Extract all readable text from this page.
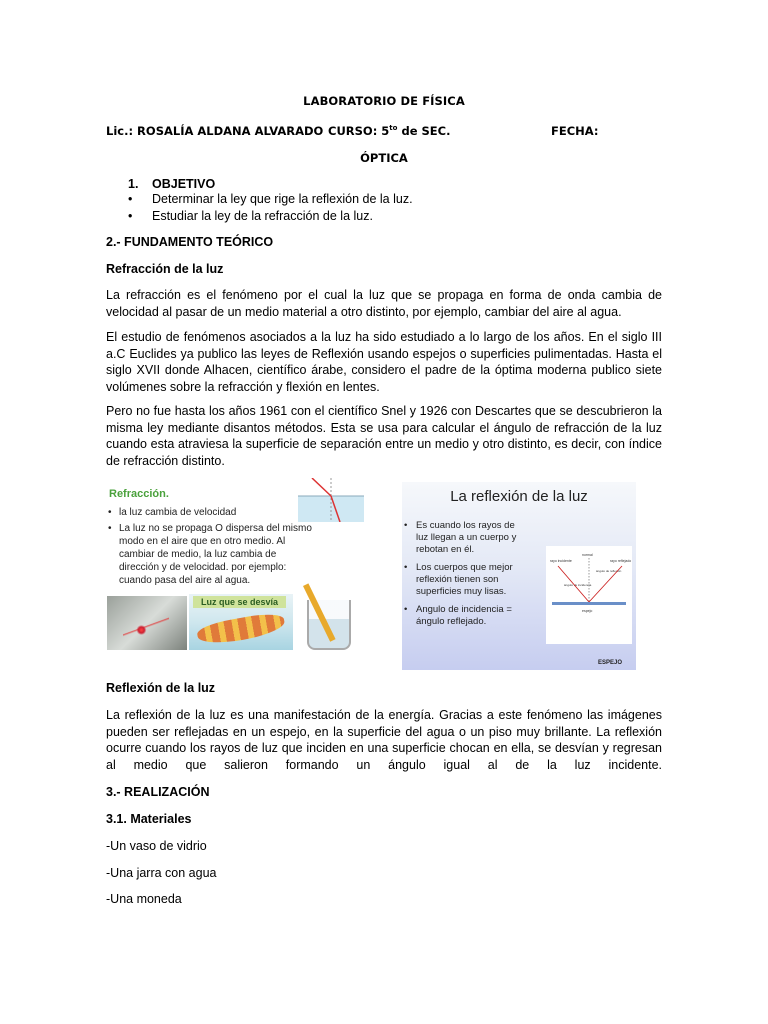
LABORATORIO DE FÍSICA
Lic.: ROSALÍA ALDANA ALVARADO CURSO: $5^{to}$ de SEC.	FECHA:
ÓPTICA
1. OBJETIVO
• Determinar la ley que rige la reflexión de la luz.
• Estudiar la ley de la refracción de la luz.
2.- FUNDAMENTO TEÓRICO
Refracción de la luz

La refracción es el fenómeno por el cual la luz que se propaga en forma de onda cambia de velocidad al pasar de un medio material a otro distinto, por ejemplo, cambiar del aire al agua.

El estudio de fenómenos asociados a la luz ha sido estudiado a lo largo de los años. En el siglo III a.C Euclides ya publico las leyes de Reflexión usando espejos o superficies pulimentadas. Hasta el siglo XVII donde Alhacen, científico árabe, considero el padre de la óptima moderna publico siete volúmenes sobre la refracción y flexión en lentes.

Pero no fue hasta los años 1961 con el científico Snel y 1926 con Descartes que se descubrieron la misma ley mediante disantos métodos. Esta se usa para calcular el ángulo de refracción de la luz cuando esta atraviesa la superficie de separación entre un medio y otro distinto, es decir, con índice de refracción distinto.

Refracción.
• la luz cambia de velocidad
• La luz no se propaga O dispersa del mismo modo en el aire que en otro medio. Al cambiar de medio, la luz cambia de dirección y de velocidad. por ejemplo: cuando pasa del aire al agua.
Luz que se desvía
La reflexión de la luz
• Es cuando los rayos de luz llegan a un cuerpo y rebotan en él.
• Los cuerpos que mejor reflexión tienen son superficies muy lisas.
• Angulo de incidencia = ángulo reflejado.
rayo incidente
normal
rayo reflejado
ángulo de incidencia
ángulo de reflexión
espejo
ESPEJO
Reflexión de la luz

La reflexión de la luz es una manifestación de la energía. Gracias a este fenómeno las imágenes pueden ser reflejadas en un espejo, en la superficie del agua o un piso muy brillante. La reflexión ocurre cuando los rayos de luz que inciden en una superficie chocan en ella, se desvían y regresan al medio que salieron formando un ángulo igual al de la luz incidente.

3.- REALIZACIÓN
3.1. Materiales
-Un vaso de vidrio
-Una jarra con agua
-Una moneda
